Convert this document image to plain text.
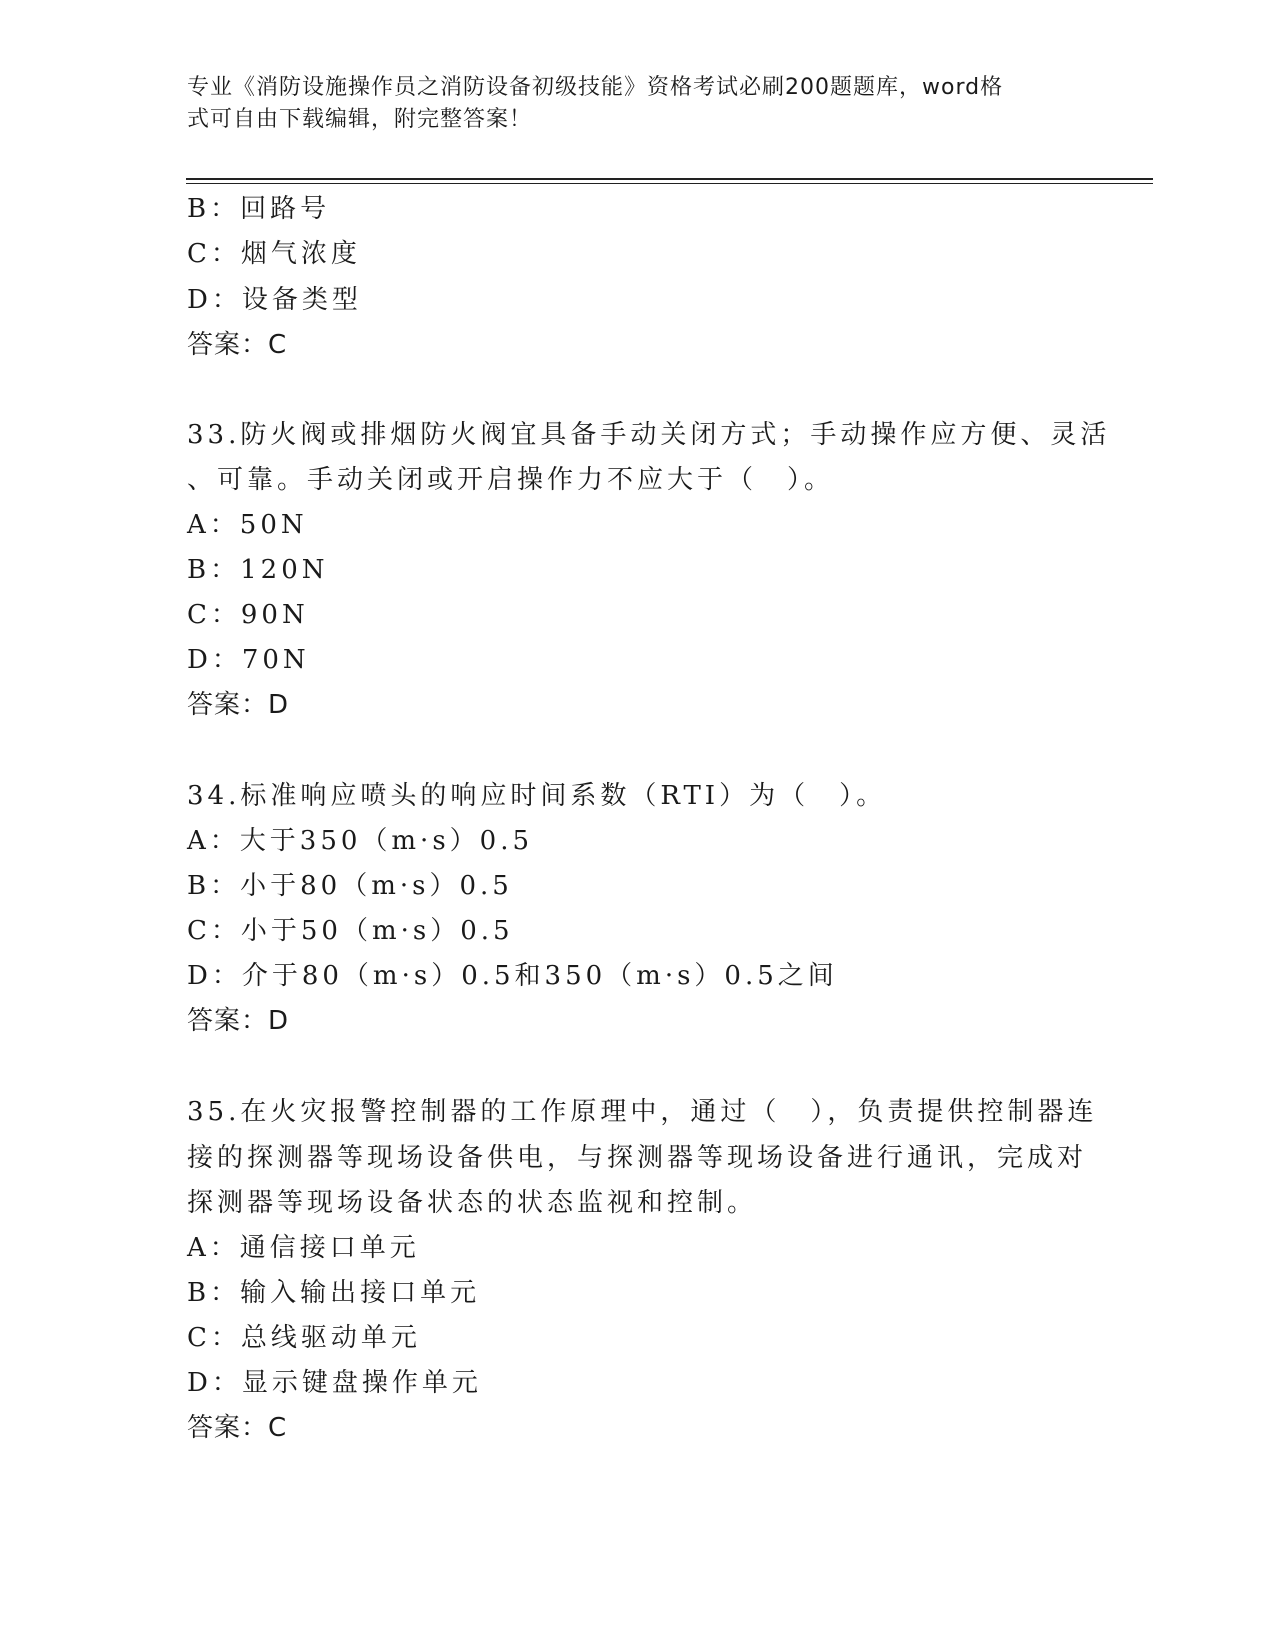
专业《消防设施操作员之消防设备初级技能》资格考试必刷200题题库，word格
式可自由下载编辑，附完整答案！
B：回路号
C：烟气浓度
D：设备类型
答案：C
33.防火阀或排烟防火阀宜具备手动关闭方式；手动操作应方便、灵活
、可靠。手动关闭或开启操作力不应大于（　）。
A：50N
B：120N
C：90N
D：70N
答案：D
34.标准响应喷头的响应时间系数（RTI）为（　）。
A：大于350（m·s）0.5
B：小于80（m·s）0.5
C：小于50（m·s）0.5
D：介于80（m·s）0.5和350（m·s）0.5之间
答案：D
35.在火灾报警控制器的工作原理中，通过（　），负责提供控制器连
接的探测器等现场设备供电，与探测器等现场设备进行通讯，完成对
探测器等现场设备状态的状态监视和控制。
A：通信接口单元
B：输入输出接口单元
C：总线驱动单元
D：显示键盘操作单元
答案：C
